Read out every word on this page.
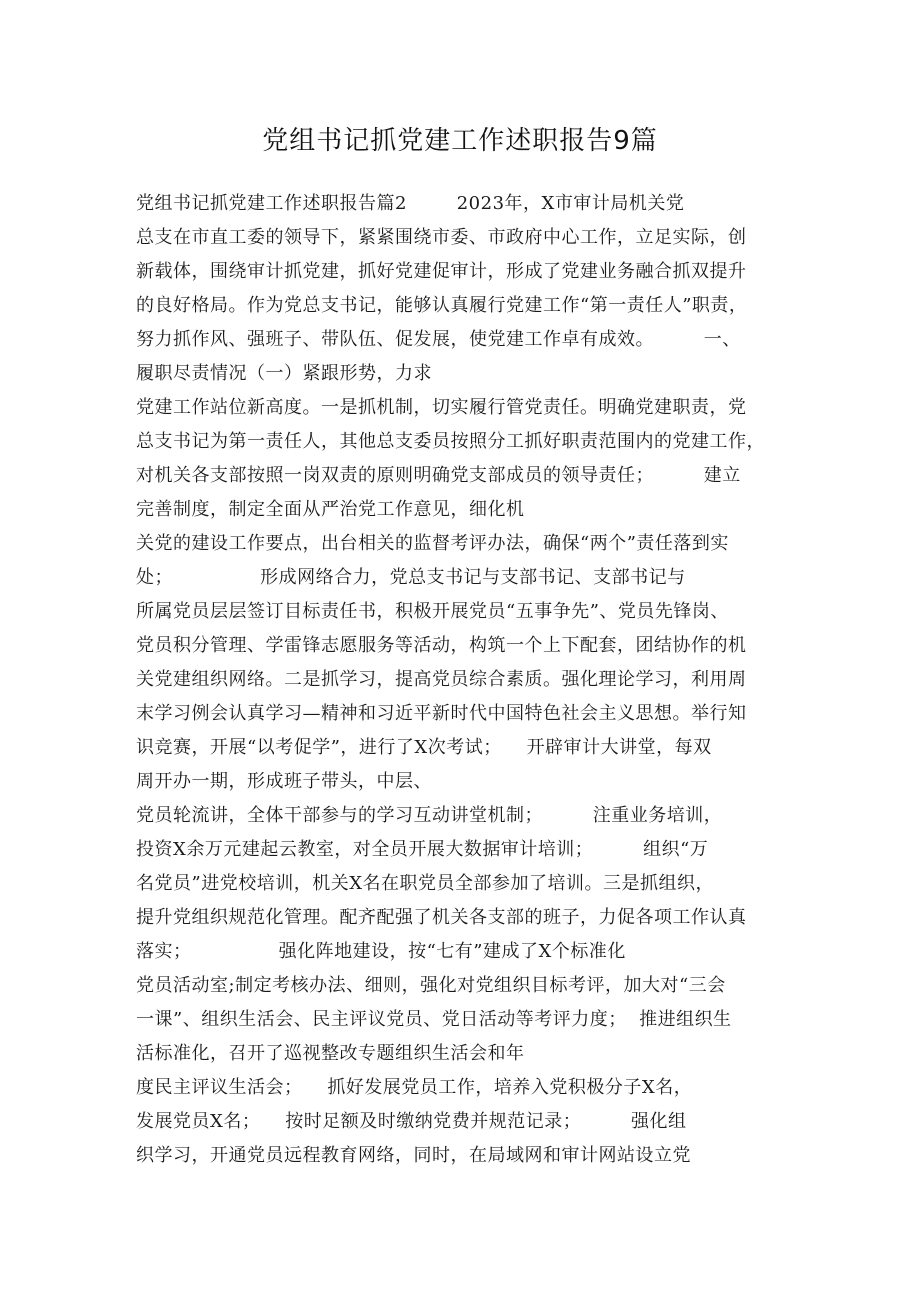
党组书记抓党建工作述职报告9篇
党组书记抓党建工作述职报告篇2        2023年，X市审计局机关党
总支在市直工委的领导下，紧紧围绕市委、市政府中心工作，立足实际，创
新载体，围绕审计抓党建，抓好党建促审计，形成了党建业务融合抓双提升
的良好格局。作为党总支书记，能够认真履行党建工作“第一责任人”职责，
努力抓作风、强班子、带队伍、促发展，使党建工作卓有成效。        一、
履职尽责情况（一）紧跟形势，力求
党建工作站位新高度。一是抓机制，切实履行管党责任。明确党建职责，党
总支书记为第一责任人，其他总支委员按照分工抓好职责范围内的党建工作，
对机关各支部按照一岗双责的原则明确党支部成员的领导责任；        建立
完善制度，制定全面从严治党工作意见，细化机
关党的建设工作要点，出台相关的监督考评办法，确保“两个”责任落到实
处；              形成网络合力，党总支书记与支部书记、支部书记与
所属党员层层签订目标责任书，积极开展党员“五事争先”、党员先锋岗、
党员积分管理、学雷锋志愿服务等活动，构筑一个上下配套，团结协作的机
关党建组织网络。二是抓学习，提高党员综合素质。强化理论学习，利用周
末学习例会认真学习—精神和习近平新时代中国特色社会主义思想。举行知
识竞赛，开展“以考促学”，进行了X次考试；    开辟审计大讲堂，每双
周开办一期，形成班子带头，中层、
党员轮流讲，全体干部参与的学习互动讲堂机制；        注重业务培训，
投资X余万元建起云教室，对全员开展大数据审计培训；        组织“万
名党员”进党校培训，机关X名在职党员全部参加了培训。三是抓组织，
提升党组织规范化管理。配齐配强了机关各支部的班子，力促各项工作认真
落实；              强化阵地建设，按“七有”建成了X个标准化
党员活动室;制定考核办法、细则，强化对党组织目标考评，加大对“三会
一课”、组织生活会、民主评议党员、党日活动等考评力度；  推进组织生
活标准化，召开了巡视整改专题组织生活会和年
度民主评议生活会；    抓好发展党员工作，培养入党积极分子X名，
发展党员X名；    按时足额及时缴纳党费并规范记录；        强化组
织学习，开通党员远程教育网络，同时，在局域网和审计网站设立党
